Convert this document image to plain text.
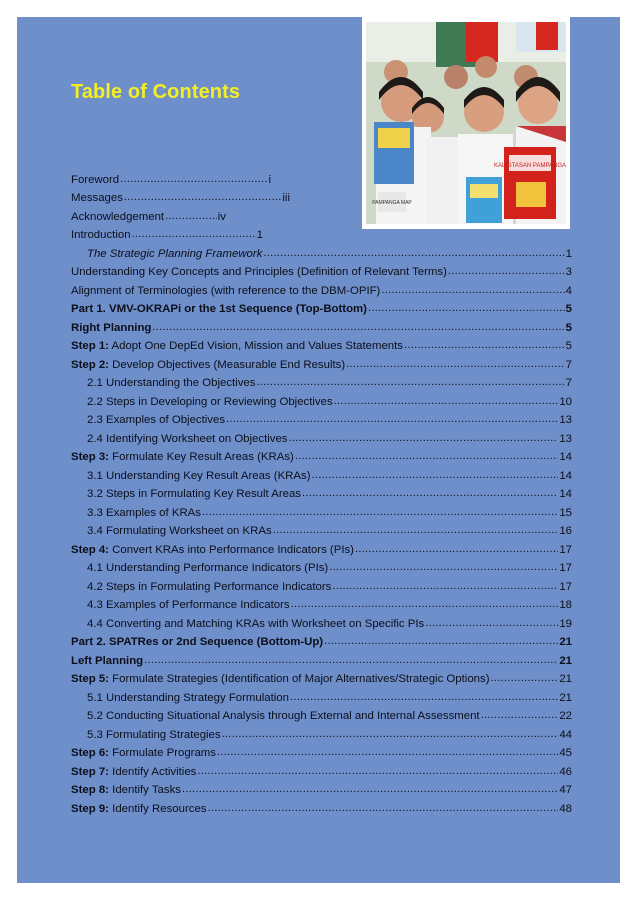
KALIGTASAN PAMPANGA
PAMPANGA MAP
Table of Contents
Foreword .....	i
Messages .....	iii
Acknowledgement .....	iv
Introduction .....	1
The Strategic Planning Framework .....	1
Understanding Key Concepts and Principles (Definition of Relevant Terms) .....	3
Alignment of Terminologies (with reference to the DBM-OPIF) .....	4
Part 1. VMV-OKRAPi or the 1st Sequence (Top-Bottom) .....	5
Right Planning .....	5
Step 1: Adopt One DepEd Vision, Mission and Values Statements .....	5
Step 2: Develop Objectives (Measurable End Results) .....	7
2.1 Understanding the Objectives .....	7
2.2 Steps in Developing or Reviewing Objectives .....	10
2.3 Examples of Objectives .....	13
2.4 Identifying Worksheet on Objectives .....	13
Step 3: Formulate Key Result Areas (KRAs) .....	14
3.1 Understanding Key Result Areas (KRAs) .....	14
3.2 Steps in Formulating Key Result Areas .....	14
3.3 Examples of KRAs .....	15
3.4 Formulating Worksheet on KRAs .....	16
Step 4: Convert KRAs into Performance Indicators (PIs) .....	17
4.1 Understanding Performance Indicators (PIs) .....	17
4.2 Steps in Formulating Performance Indicators .....	17
4.3 Examples of Performance Indicators .....	18
4.4 Converting and Matching KRAs with Worksheet on Specific PIs .....	19
Part 2. SPATRes or 2nd Sequence (Bottom-Up) .....	21
Left Planning .....	21
Step 5: Formulate Strategies (Identification of Major Alternatives/Strategic Options) .....	21
5.1 Understanding Strategy Formulation .....	21
5.2 Conducting Situational Analysis through External and Internal Assessment .....	22
5.3 Formulating Strategies .....	44
Step 6: Formulate Programs .....	45
Step 7: Identify Activities .....	46
Step 8: Identify Tasks .....	47
Step 9: Identify Resources .....	48
